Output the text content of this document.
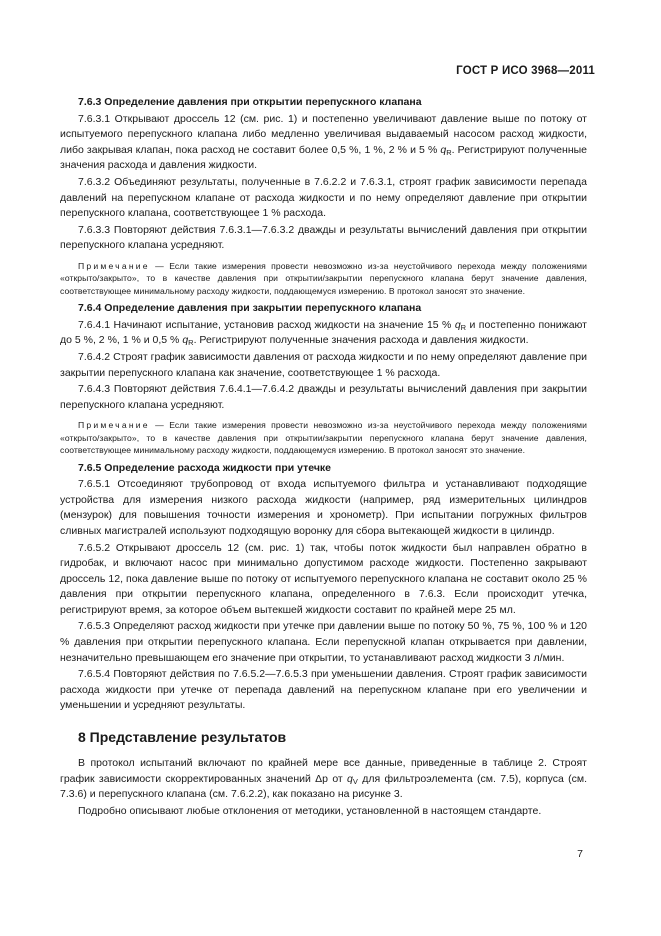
ГОСТ Р ИСО 3968—2011

7.6.3 Определение давления при открытии перепускного клапана

7.6.3.1 Открывают дроссель 12 (см. рис. 1) и постепенно увеличивают давление выше по потоку от испытуемого перепускного клапана либо медленно увеличивая выдаваемый насосом расход жидкости, либо закрывая клапан, пока расход не составит более 0,5 %, 1 %, 2 % и 5 % $q_R$. Регистрируют полученные значения расхода и давления жидкости.

7.6.3.2 Объединяют результаты, полученные в 7.6.2.2 и 7.6.3.1, строят график зависимости перепада давлений на перепускном клапане от расхода жидкости и по нему определяют давление при открытии перепускного клапана, соответствующее 1 % расхода.

7.6.3.3 Повторяют действия 7.6.3.1—7.6.3.2 дважды и результаты вычислений давления при открытии перепускного клапана усредняют.

Примечание — Если такие измерения провести невозможно из-за неустойчивого перехода между положениями «открыто/закрыто», то в качестве давления при открытии/закрытии перепускного клапана берут значение давления, соответствующее минимальному расходу жидкости, поддающемуся измерению. В протокол заносят это значение.

7.6.4 Определение давления при закрытии перепускного клапана

7.6.4.1 Начинают испытание, установив расход жидкости на значение 15 % $q_R$ и постепенно понижают до 5 %, 2 %, 1 % и 0,5 % $q_R$. Регистрируют полученные значения расхода и давления жидкости.

7.6.4.2 Строят график зависимости давления от расхода жидкости и по нему определяют давление при закрытии перепускного клапана как значение, соответствующее 1 % расхода.

7.6.4.3 Повторяют действия 7.6.4.1—7.6.4.2 дважды и результаты вычислений давления при закрытии перепускного клапана усредняют.

Примечание — Если такие измерения провести невозможно из-за неустойчивого перехода между положениями «открыто/закрыто», то в качестве давления при открытии/закрытии перепускного клапана берут значение давления, соответствующее минимальному расходу жидкости, поддающемуся измерению. В протокол заносят это значение.

7.6.5 Определение расхода жидкости при утечке

7.6.5.1 Отсоединяют трубопровод от входа испытуемого фильтра и устанавливают подходящие устройства для измерения низкого расхода жидкости (например, ряд измерительных цилиндров (мензурок) для повышения точности измерения и хронометр). При испытании погружных фильтров сливных магистралей используют подходящую воронку для сбора вытекающей жидкости в цилиндр.

7.6.5.2 Открывают дроссель 12 (см. рис. 1) так, чтобы поток жидкости был направлен обратно в гидробак, и включают насос при минимально допустимом расходе жидкости. Постепенно закрывают дроссель 12, пока давление выше по потоку от испытуемого перепускного клапана не составит около 25 % давления при открытии перепускного клапана, определенного в 7.6.3. Если происходит утечка, регистрируют время, за которое объем вытекшей жидкости составит по крайней мере 25 мл.

7.6.5.3 Определяют расход жидкости при утечке при давлении выше по потоку 50 %, 75 %, 100 % и 120 % давления при открытии перепускного клапана. Если перепускной клапан открывается при давлении, незначительно превышающем его значение при открытии, то устанавливают расход жидкости 3 л/мин.

7.6.5.4 Повторяют действия по 7.6.5.2—7.6.5.3 при уменьшении давления. Строят график зависимости расхода жидкости при утечке от перепада давлений на перепускном клапане при его увеличении и уменьшении и усредняют результаты.

8 Представление результатов

В протокол испытаний включают по крайней мере все данные, приведенные в таблице 2. Строят график зависимости скорректированных значений Δp от $q_V$ для фильтроэлемента (см. 7.5), корпуса (см. 7.3.6) и перепускного клапана (см. 7.6.2.2), как показано на рисунке 3.

Подробно описывают любые отклонения от методики, установленной в настоящем стандарте.

7
